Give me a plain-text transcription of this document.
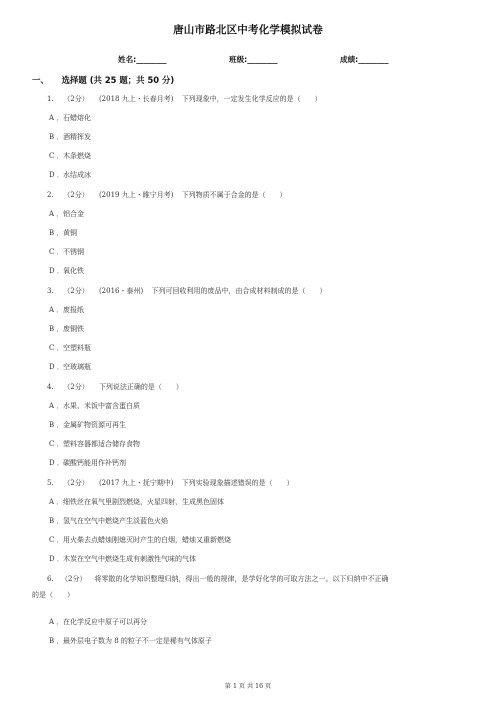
唐山市路北区中考化学模拟试卷
姓名:________	班级:________	成绩:________
一、 选择题 (共 25 题；共 50 分)
1. （2分） (2018 九上・长春月考) 下列现象中，一定发生化学反应的是（　　）
A ．石蜡熔化
B ．酒精挥发
C ．木条燃烧
D ．水结成冰
2. （2分） (2019 九上・睢宁月考) 下列物质不属于合金的是（　　）
A ．铝合金
B ．黄铜
C ．不锈钢
D ．氧化铁
3. （2分） (2016・泰州) 下列可回收利用的废品中，由合成材料制成的是（　　）
A ．废报纸
B ．废铜铁
C ．空塑料瓶
D ．空玻璃瓶
4. （2分） 下列说法正确的是（　　）
A ．水果、米饭中富含蛋白质
B ．金属矿物资源可再生
C ．塑料容器都适合储存食物
D ．碳酸钙能用作补钙剂
5. （2分） (2017 九上・抚宁期中) 下列实验现象描述错误的是（　　）
A ．细铁丝在氧气里剧烈燃烧，火星四射，生成黑色固体
B ．氢气在空气中燃烧产生淡蓝色火焰
C ．用火柴去点蜡烛刚熄灭时产生的白烟，蜡烛又重新燃烧
D ．木炭在空气中燃烧生成有刺激性气味的气体
6. （2分） 将零散的化学知识整理归纳，得出一般的规律，是学好化学的可取方法之一。以下归纳中不正确
的是（　　）
A ．在化学反应中原子可以再分
B ．最外层电子数为 8 的粒子不一定是稀有气体原子
第 1 页 共 16 页
